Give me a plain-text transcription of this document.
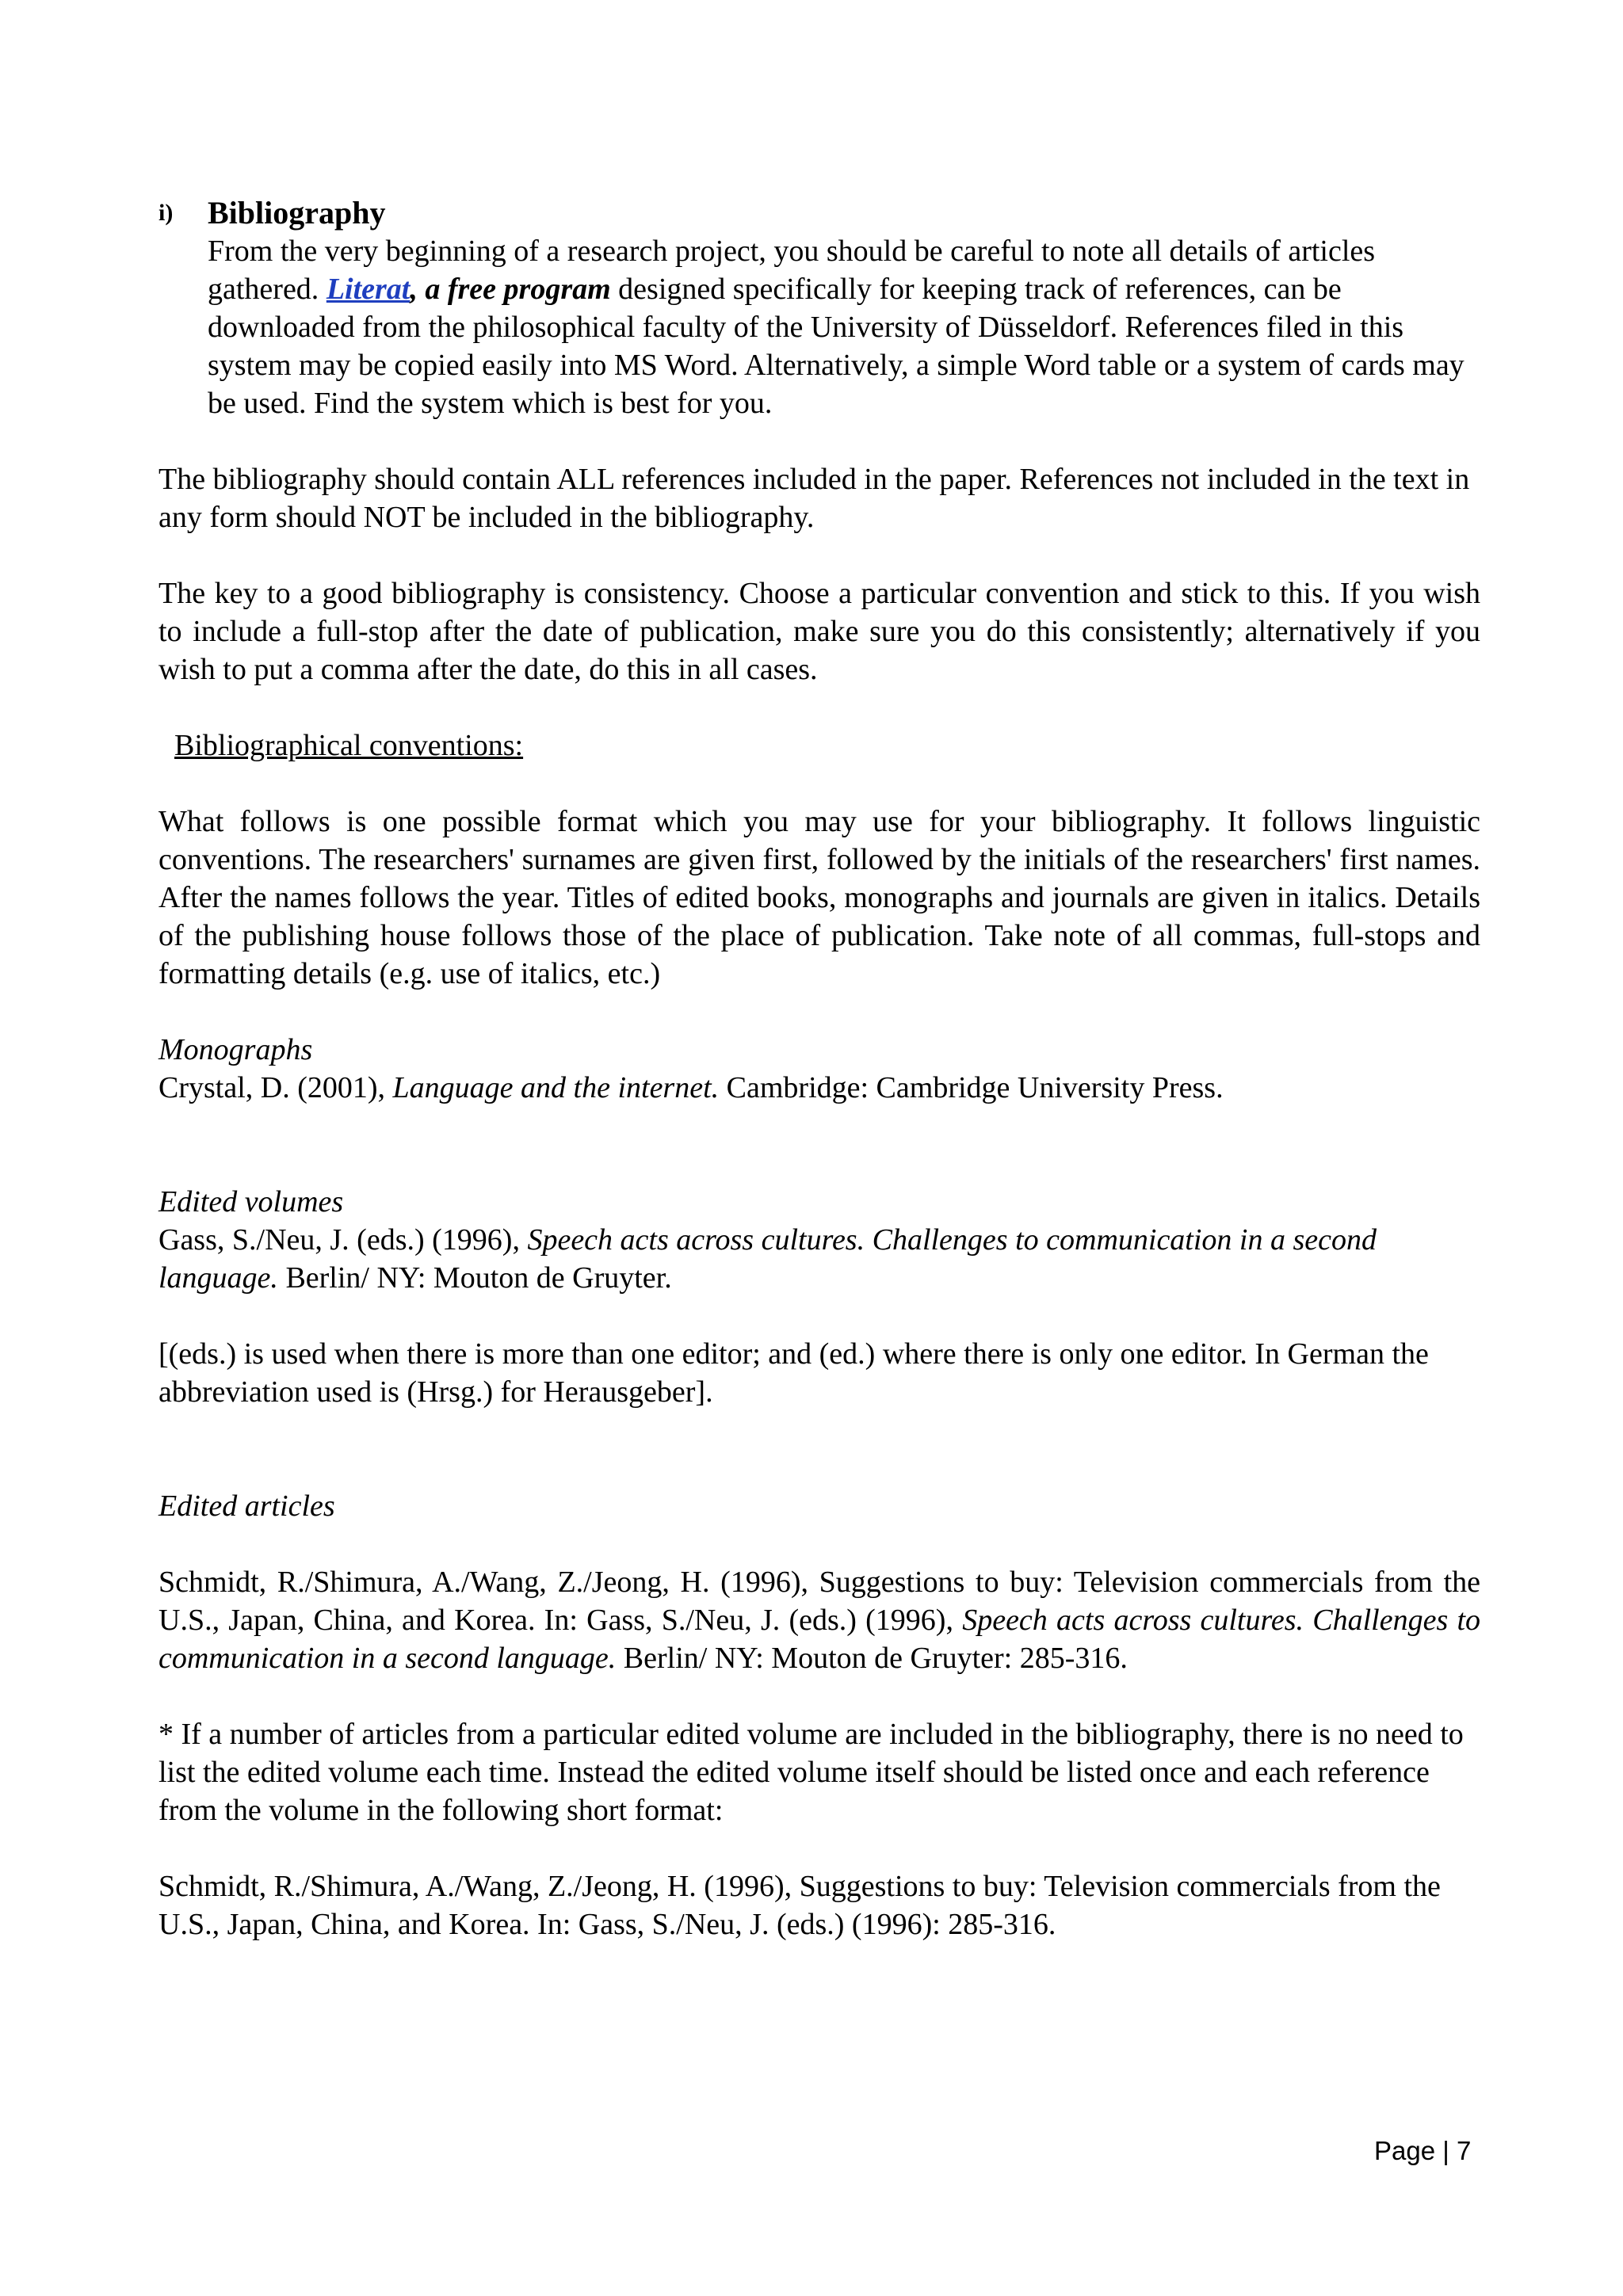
i) Bibliography

From the very beginning of a research project, you should be careful to note all details of articles gathered. Literat, a free program designed specifically for keeping track of references, can be downloaded from the philosophical faculty of the University of Düsseldorf. References filed in this system may be copied easily into MS Word. Alternatively, a simple Word table or a system of cards may be used. Find the system which is best for you.

The bibliography should contain ALL references included in the paper. References not included in the text in any form should NOT be included in the bibliography.

The key to a good bibliography is consistency. Choose a particular convention and stick to this. If you wish to include a full-stop after the date of publication, make sure you do this consistently; alternatively if you wish to put a comma after the date, do this in all cases.

Bibliographical conventions:

What follows is one possible format which you may use for your bibliography. It follows linguistic conventions. The researchers' surnames are given first, followed by the initials of the researchers' first names. After the names follows the year. Titles of edited books, monographs and journals are given in italics. Details of the publishing house follows those of the place of publication. Take note of all commas, full-stops and formatting details (e.g. use of italics, etc.)

Monographs

Crystal, D. (2001), Language and the internet. Cambridge: Cambridge University Press.

Edited volumes

Gass, S./Neu, J. (eds.) (1996), Speech acts across cultures. Challenges to communication in a second language. Berlin/ NY: Mouton de Gruyter.

[(eds.) is used when there is more than one editor; and (ed.) where there is only one editor. In German the abbreviation used is (Hrsg.) for Herausgeber].

Edited articles

Schmidt, R./Shimura, A./Wang, Z./Jeong, H. (1996), Suggestions to buy: Television commercials from the U.S., Japan, China, and Korea. In: Gass, S./Neu, J. (eds.) (1996), Speech acts across cultures. Challenges to communication in a second language. Berlin/ NY: Mouton de Gruyter: 285-316.

* If a number of articles from a particular edited volume are included in the bibliography, there is no need to list the edited volume each time. Instead the edited volume itself should be listed once and each reference from the volume in the following short format:

Schmidt, R./Shimura, A./Wang, Z./Jeong, H. (1996), Suggestions to buy: Television commercials from the U.S., Japan, China, and Korea. In: Gass, S./Neu, J. (eds.) (1996): 285-316.

Page | 7
